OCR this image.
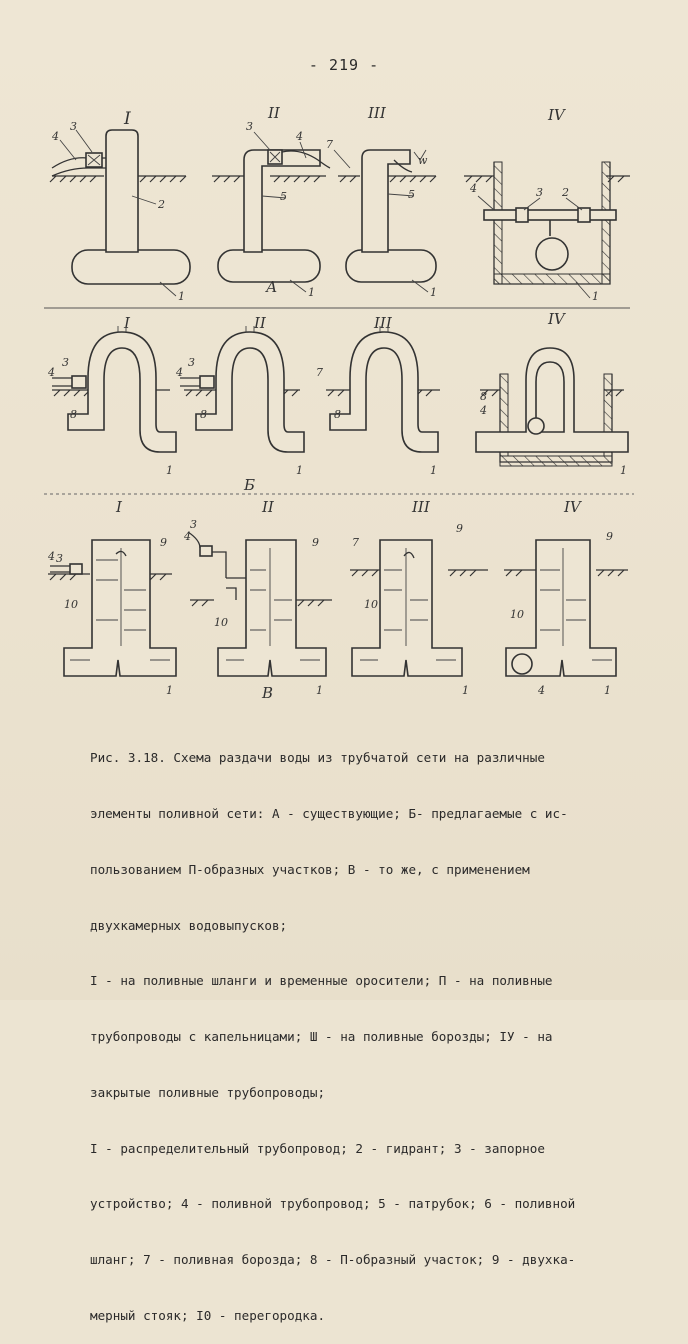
- 219 -
I	II	III	IV
4
3
2
1
3
4
5
1
7
w
5
1
4	3 2
1
А
I	II	III	IV
4
3
8
1
4
3
8
1
7
8
1
8
4
1
Б
I	II	III	IV
3
4
9
10
1
3
4	9
10
1
7
9
10
1
9
10
4	1
В

Рис. 3.18. Схема раздачи воды из трубчатой сети на различные

элементы поливной сети: А - существующие; Б- предлагаемые с ис-

пользованием П-образных участков; В - то же, с применением

двухкамерных водовыпусков;

I - на поливные шланги и временные оросители; П - на поливные

трубопроводы с капельницами; Ш - на поливные борозды; IУ - на

закрытые поливные трубопроводы;

I - распределительный трубопровод; 2 - гидрант; 3 - запорное

устройство; 4 - поливной трубопровод; 5 - патрубок; 6 - поливной

шланг; 7 - поливная борозда; 8 - П-образный участок; 9 - двухка-

мерный стояк; I0 - перегородка.
